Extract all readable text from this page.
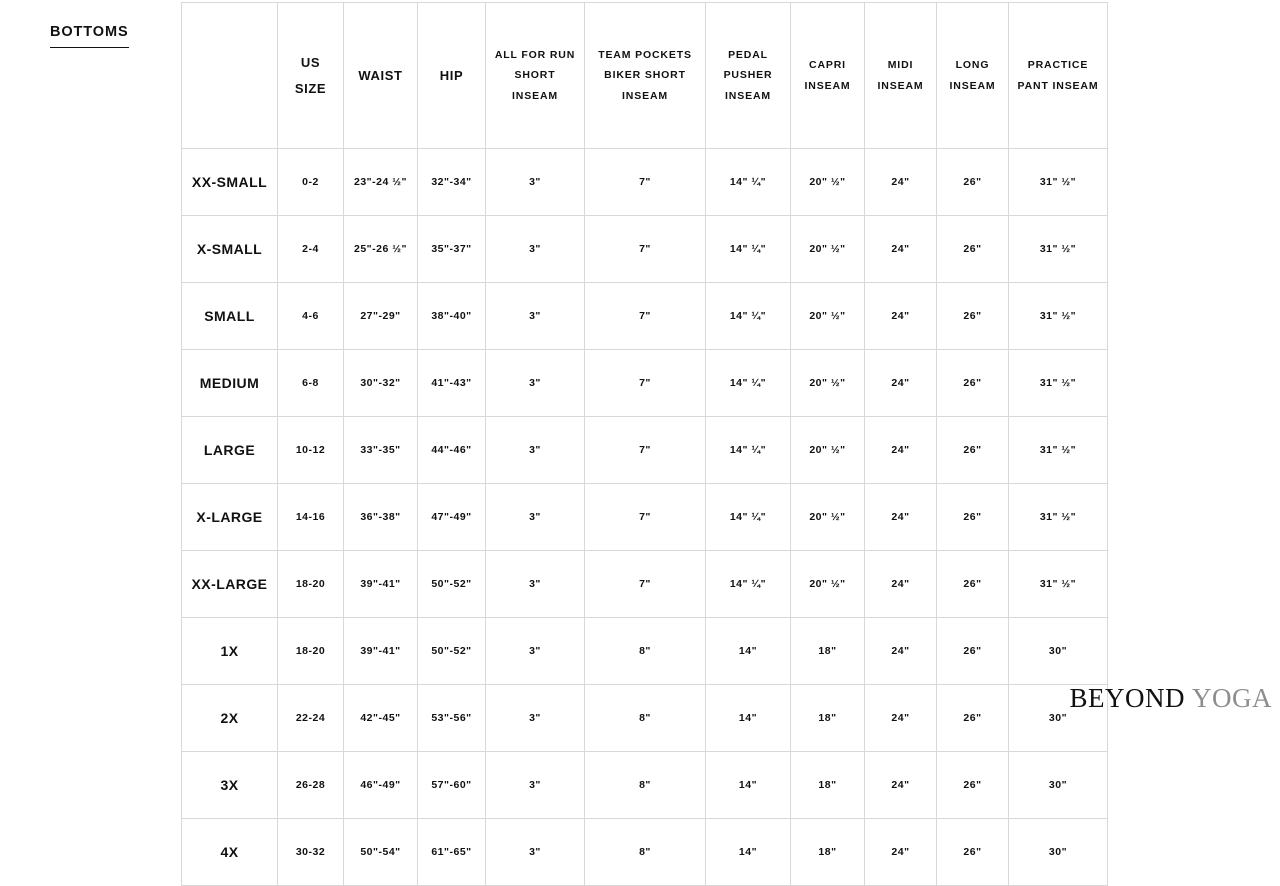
BOTTOMS
	US SIZE	WAIST	HIP	ALL FOR RUN SHORT INSEAM	TEAM POCKETS BIKER SHORT INSEAM	PEDAL PUSHER INSEAM	CAPRI INSEAM	MIDI INSEAM	LONG INSEAM	PRACTICE PANT INSEAM
XX-SMALL	0-2	23"-24 ½"	32"-34"	3"	7"	14" ¼"	20" ½"	24"	26"	31" ½"
X-SMALL	2-4	25"-26 ½"	35"-37"	3"	7"	14" ¼"	20" ½"	24"	26"	31" ½"
SMALL	4-6	27"-29"	38"-40"	3"	7"	14" ¼"	20" ½"	24"	26"	31" ½"
MEDIUM	6-8	30"-32"	41"-43"	3"	7"	14" ¼"	20" ½"	24"	26"	31" ½"
LARGE	10-12	33"-35"	44"-46"	3"	7"	14" ¼"	20" ½"	24"	26"	31" ½"
X-LARGE	14-16	36"-38"	47"-49"	3"	7"	14" ¼"	20" ½"	24"	26"	31" ½"
XX-LARGE	18-20	39"-41"	50"-52"	3"	7"	14" ¼"	20" ½"	24"	26"	31" ½"
1X	18-20	39"-41"	50"-52"	3"	8"	14"	18"	24"	26"	30"
2X	22-24	42"-45"	53"-56"	3"	8"	14"	18"	24"	26"	30"
3X	26-28	46"-49"	57"-60"	3"	8"	14"	18"	24"	26"	30"
4X	30-32	50"-54"	61"-65"	3"	8"	14"	18"	24"	26"	30"
BEYOND YOGA
